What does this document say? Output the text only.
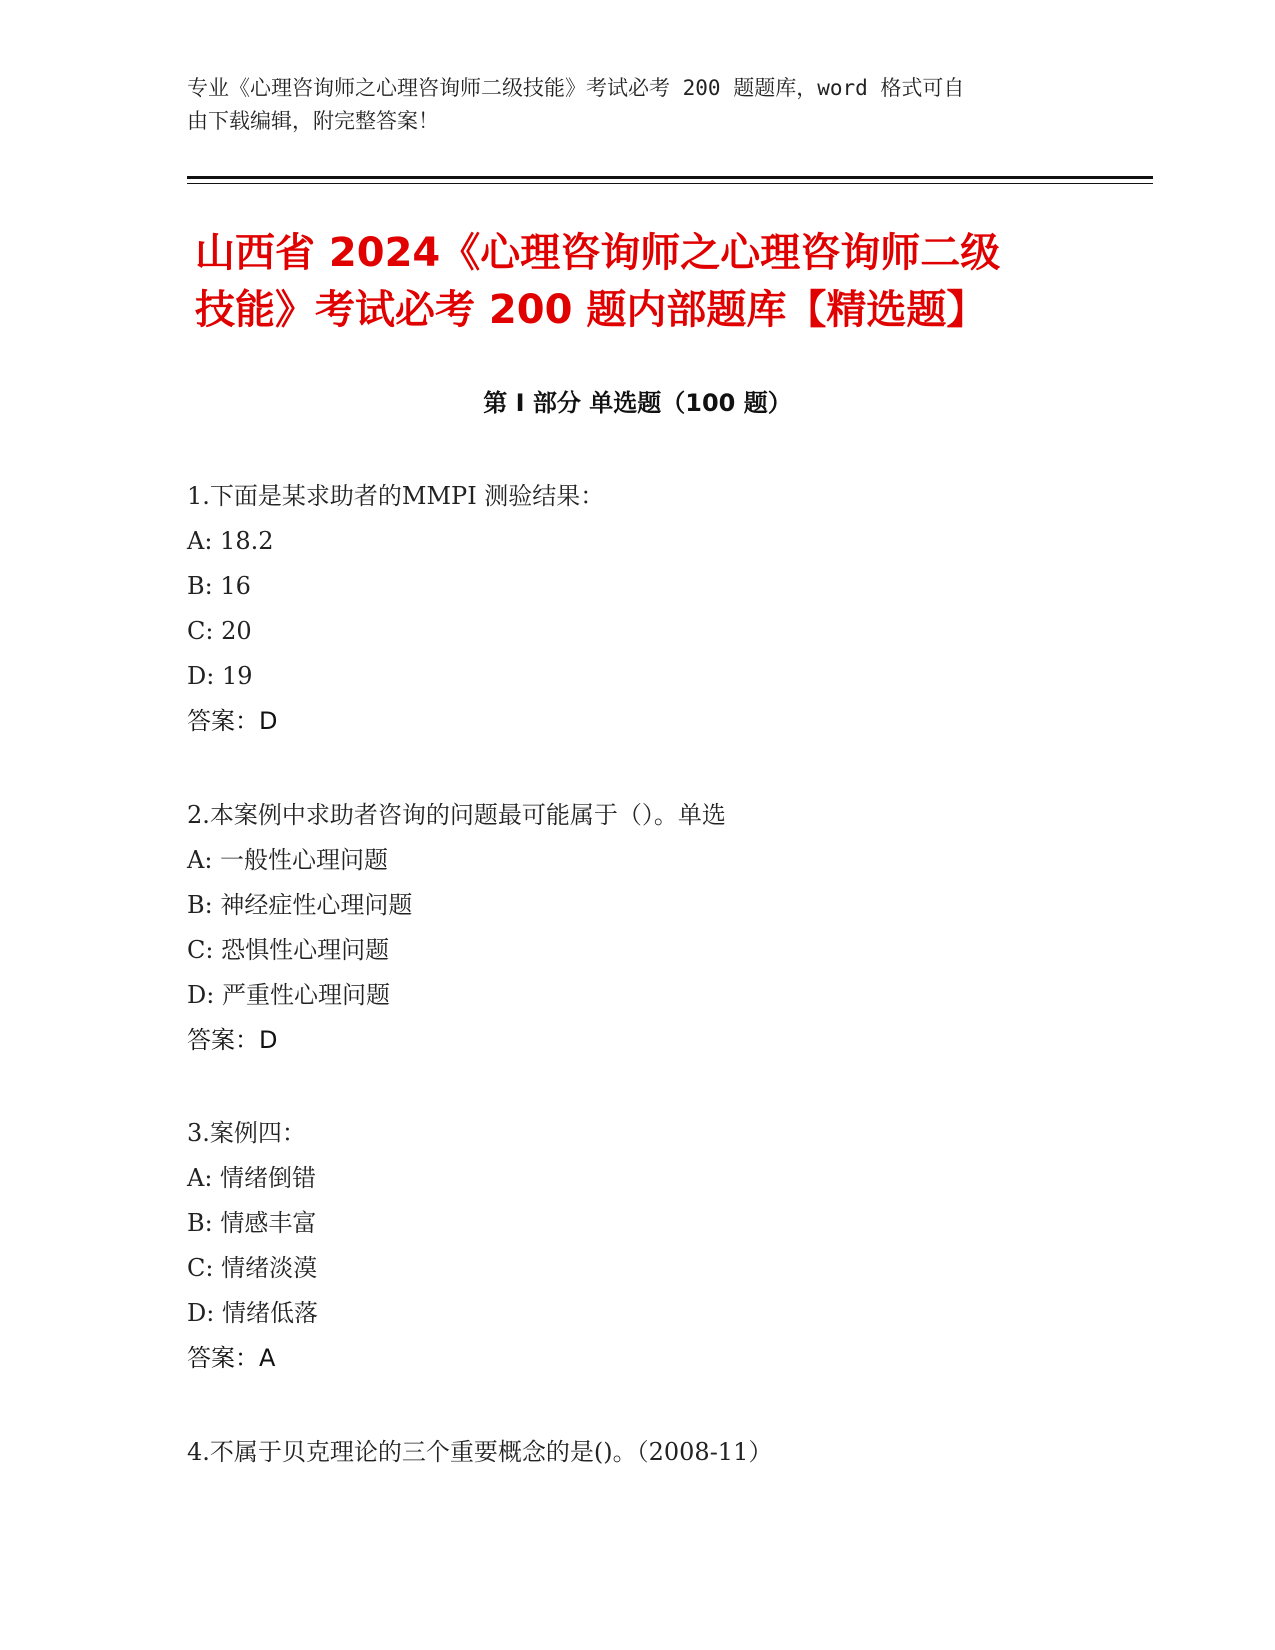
专业《心理咨询师之心理咨询师二级技能》考试必考 200 题题库，word 格式可自
由下载编辑，附完整答案！
山西省 2024《心理咨询师之心理咨询师二级
技能》考试必考 200 题内部题库【精选题】
第 I 部分 单选题（100 题）
1.下面是某求助者的MMPI 测验结果：
A: 18.2
B: 16
C: 20
D: 19
答案：D
2.本案例中求助者咨询的问题最可能属于（）。单选
A: 一般性心理问题
B: 神经症性心理问题
C: 恐惧性心理问题
D: 严重性心理问题
答案：D
3.案例四：
A: 情绪倒错
B: 情感丰富
C: 情绪淡漠
D: 情绪低落
答案：A
4.不属于贝克理论的三个重要概念的是()。（2008-11）
